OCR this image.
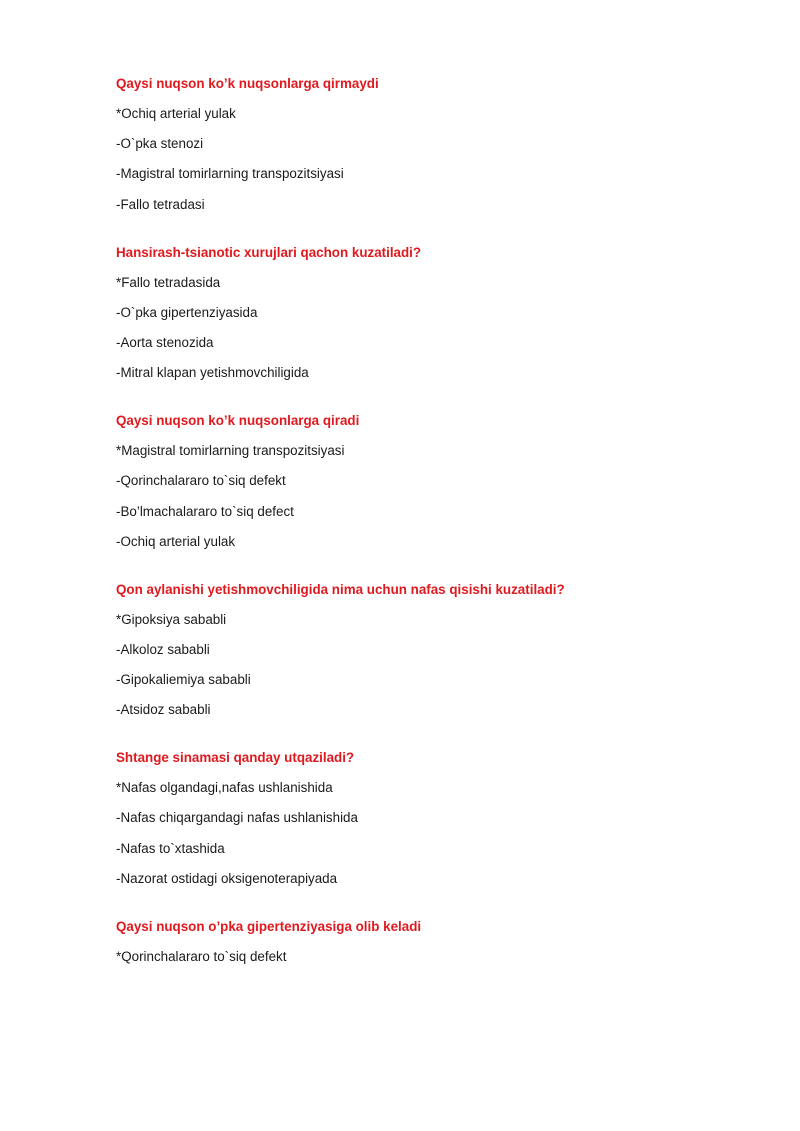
Qaysi nuqson ko’k nuqsonlarga qirmaydi
*Ochiq arterial yulak
-O`pka stenozi
-Magistral tomirlarning transpozitsiyasi
-Fallo tetradasi
Hansirash-tsianotic xurujlari qachon kuzatiladi?
*Fallo tetradasida
-O`pka gipertenziyasida
-Aorta stenozida
-Mitral klapan yetishmovchiligida
Qaysi nuqson ko’k nuqsonlarga qiradi
*Magistral tomirlarning transpozitsiyasi
-Qorinchalararo to`siq defekt
-Bo’lmachalararo to`siq defect
-Ochiq arterial yulak
Qon aylanishi yetishmovchiligida nima uchun nafas qisishi kuzatiladi?
*Gipoksiya sababli
-Alkoloz sababli
-Gipokaliemiya sababli
-Atsidoz sababli
Shtange sinamasi qanday utqaziladi?
*Nafas olgandagi,nafas ushlanishida
-Nafas chiqargandagi nafas ushlanishida
-Nafas to`xtashida
-Nazorat ostidagi oksigenoterapiyada
Qaysi nuqson o’pka gipertenziyasiga olib keladi
*Qorinchalararo to`siq defekt
